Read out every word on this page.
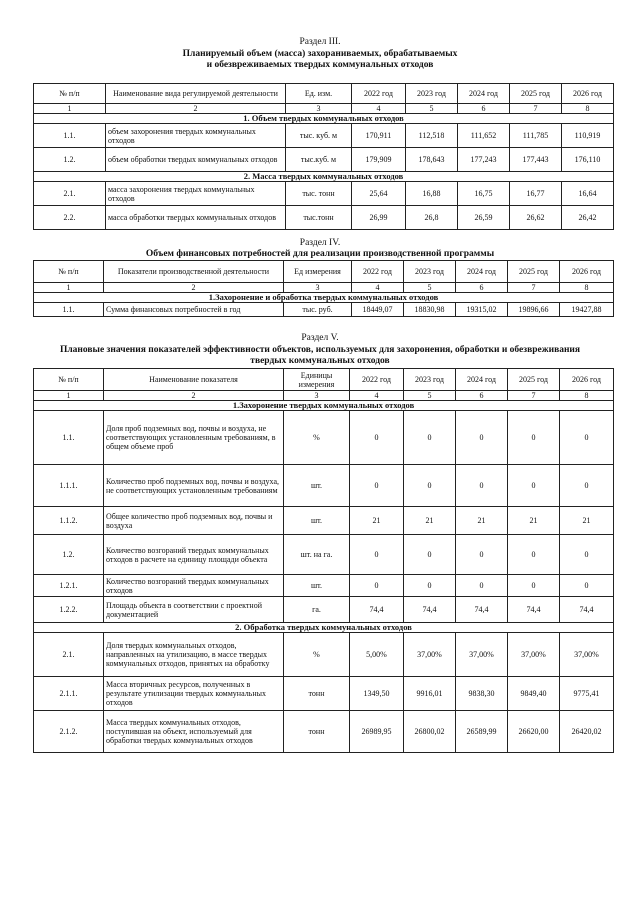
Раздел III.
Планируемый объем (масса) захораниваемых, обрабатываемых
и обезвреживаемых твердых коммунальных отходов
№ п/п	Наименование вида регулируемой деятельности	Ед. изм.	2022 год	2023 год	2024 год	2025 год	2026 год
1	2	3	4	5	6	7	8
1. Объем твердых коммунальных отходов							
1.1.	объем захоронения твердых коммунальных отходов	тыс. куб. м	170,911	112,518	111,652	111,785	110,919
1.2.	объем обработки твердых коммунальных отходов	тыс.куб. м	179,909	178,643	177,243	177,443	176,110
2. Масса твердых коммунальных отходов							
2.1.	масса захоронения твердых коммунальных отходов	тыс. тонн	25,64	16,88	16,75	16,77	16,64
2.2.	масса обработки твердых коммунальных отходов	тыс.тонн	26,99	26,8	26,59	26,62	26,42
Раздел IV.
Объем финансовых потребностей для реализации производственной программы
№ п/п	Показатели производственной деятельности	Ед измерения	2022 год	2023 год	2024 год	2025 год	2026 год
1	2	3	4	5	6	7	8
1.Захоронение и обработка твердых коммунальных отходов							
1.1.	Сумма финансовых потребностей в год	тыс. руб.	18449,07	18830,98	19315,02	19896,66	19427,88
Раздел V.
Плановые значения показателей эффективности объектов, используемых для захоронения, обработки и обезвреживания
твердых коммунальных отходов
№ п/п	Наименование показателя	Единицы измерения	2022 год	2023 год	2024 год	2025 год	2026 год
1	2	3	4	5	6	7	8
1.Захоронение твердых коммунальных отходов							
1.1.	Доля проб подземных вод, почвы и воздуха, не соответствующих установленным требованиям, в общем объеме проб	%	0	0	0	0	0
1.1.1.	Количество проб подземных вод, почвы и воздуха, не соответствующих установленным требованиям	шт.	0	0	0	0	0
1.1.2.	Общее количество проб подземных вод, почвы и воздуха	шт.	21	21	21	21	21
1.2.	Количество возгораний твердых коммунальных отходов в расчете на единицу площади объекта	шт. на га.	0	0	0	0	0
1.2.1.	Количество возгораний твердых коммунальных отходов	шт.	0	0	0	0	0
1.2.2.	Площадь объекта в соответствии с проектной документацией	га.	74,4	74,4	74,4	74,4	74,4
2. Обработка твердых коммунальных отходов							
2.1.	Доля твердых коммунальных отходов, направленных на утилизацию, в массе твердых коммунальных отходов, принятых на обработку	%	5,00%	37,00%	37,00%	37,00%	37,00%
2.1.1.	Масса вторичных ресурсов, полученных в результате утилизации твердых коммунальных отходов	тонн	1349,50	9916,01	9838,30	9849,40	9775,41
2.1.2.	Масса твердых коммунальных отходов, поступившая на объект, используемый для обработки твердых коммунальных отходов	тонн	26989,95	26800,02	26589,99	26620,00	26420,02
